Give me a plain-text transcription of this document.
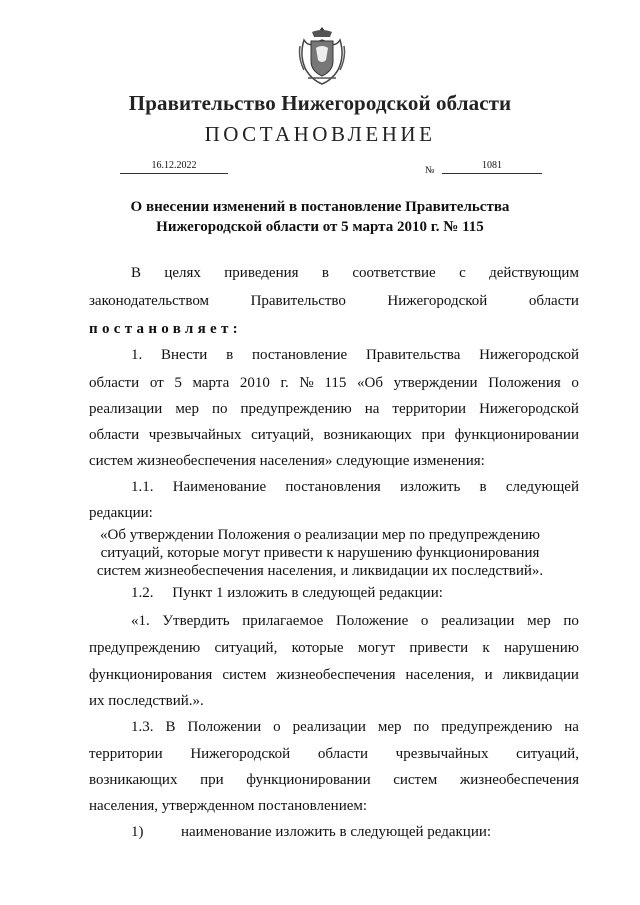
Правительство Нижегородской области
ПОСТАНОВЛЕНИЕ
16.12.2022	№	1081
О внесении изменений в постановление Правительства
Нижегородской области от 5 марта 2010 г. № 115
В целях приведения в соответствие с действующим
законодательством	Правительство	Нижегородской	области
постановляет:
1. Внести в постановление Правительства Нижегородской
области от 5 марта 2010 г. № 115 «Об утверждении Положения о
реализации мер по предупреждению на территории Нижегородской
области чрезвычайных ситуаций, возникающих при функционировании
систем жизнеобеспечения населения» следующие изменения:
1.1. Наименование постановления изложить в следующей
редакции:
«Об утверждении Положения о реализации мер по предупреждению
ситуаций, которые могут привести к нарушению функционирования
систем жизнеобеспечения населения, и ликвидации их последствий».
1.2.     Пункт 1 изложить в следующей редакции:
«1. Утвердить прилагаемое Положение о реализации мер по
предупреждению ситуаций, которые могут привести к нарушению
функционирования систем жизнеобеспечения населения, и ликвидации
их последствий.».
1.3. В Положении о реализации мер по предупреждению на
территории Нижегородской области чрезвычайных ситуаций,
возникающих при функционировании систем жизнеобеспечения
населения, утвержденном постановлением:
1)          наименование изложить в следующей редакции:
